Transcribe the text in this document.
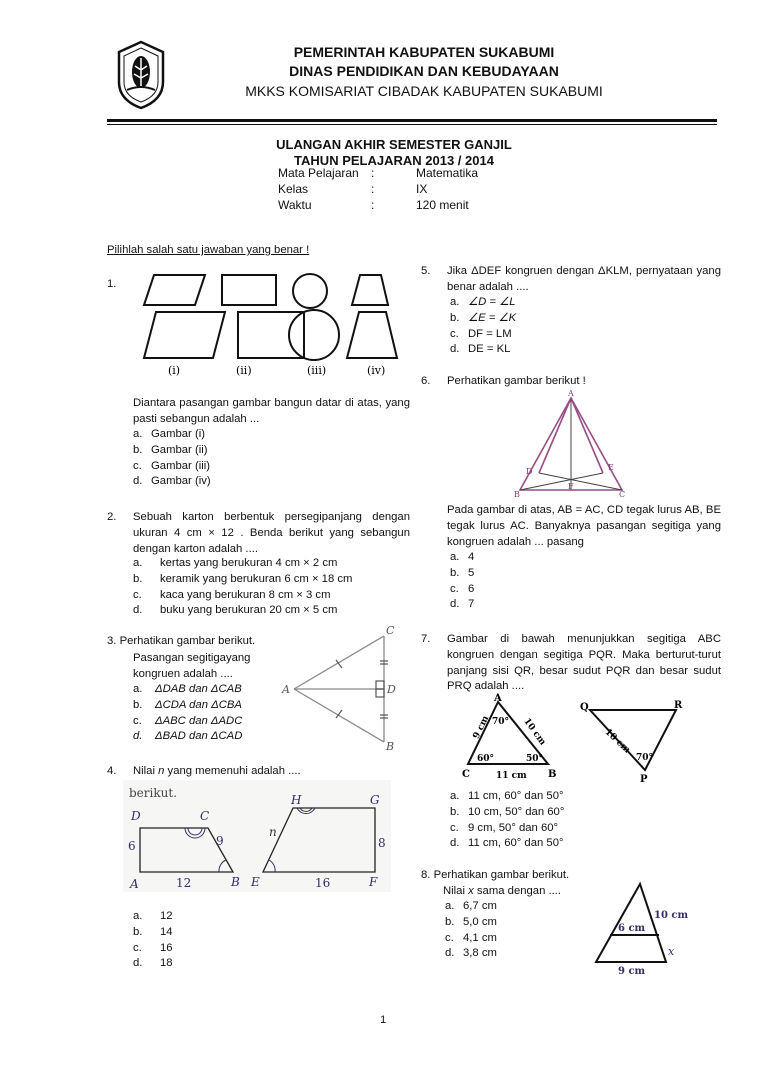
PEMERINTAH KABUPATEN SUKABUMI
DINAS PENDIDIKAN DAN KEBUDAYAAN
MKKS KOMISARIAT CIBADAK KABUPATEN SUKABUMI
ULANGAN AKHIR SEMESTER GANJIL
TAHUN PELAJARAN 2013 / 2014
Mata Pelajaran	:	Matematika
Kelas	:	IX
Waktu	:	120 menit
Pilihlah salah satu jawaban yang benar !
1.
(i)	(ii)	(iii)	(iv)
Diantara pasangan gambar bangun datar di atas, yang pasti sebangun adalah ...
a. Gambar (i)
b. Gambar (ii)
c. Gambar (iii)
d. Gambar (iv)
2. Sebuah karton berbentuk persegipanjang dengan ukuran 4 cm × 12 . Benda berikut yang sebangun dengan karton adalah ....
a.	kertas yang berukuran 4 cm × 2 cm
b.	keramik yang berukuran 6 cm × 18 cm
c.	kaca yang berukuran 8 cm × 3 cm
d.	buku yang berukuran 20 cm × 5 cm
3. Perhatikan gambar berikut.
Pasangan segitigayang kongruen adalah ....
a.	ΔDAB dan ΔCAB
b.	ΔCDA dan ΔCBA
c.	ΔABC dan ΔADC
d.	ΔBAD dan ΔCAD
A
C
D
B
4. Nilai n yang memenuhi adalah ....
berikut.
D	C
A	B
6	9
12	E
H	G
F
n
8
16
a.	12
b.	14
c.	16
d.	18
5. Jika ΔDEF kongruen dengan ΔKLM, pernyataan yang benar adalah ....
a. ∠D = ∠L
b. ∠E = ∠K
c. DF = LM
d. DE = KL
6. Perhatikan gambar berikut !
A
D	E
F
B	C
Pada gambar di atas, AB = AC, CD tegak lurus AB, BE tegak lurus AC. Banyaknya pasangan segitiga yang kongruen adalah ... pasang
a. 4
b. 5
c. 6
d. 7
7. Gambar di bawah menunjukkan segitiga ABC kongruen dengan segitiga PQR. Maka berturut-turut panjang sisi QR, besar sudut PQR dan besar sudut PRQ adalah ....
A
C	B
9 cm	10 cm
11 cm
70°
60°	50°
Q	R
P
10 cm
70°
a. 11 cm, 60° dan 50°
b. 10 cm, 50° dan 60°
c. 9 cm, 50° dan 60°
d. 11 cm, 60° dan 50°
8. Perhatikan gambar berikut.
Nilai x sama dengan ....
a. 6,7 cm
b. 5,0 cm
c. 4,1 cm
d. 3,8 cm
10 cm
6 cm
9 cm
x
1
